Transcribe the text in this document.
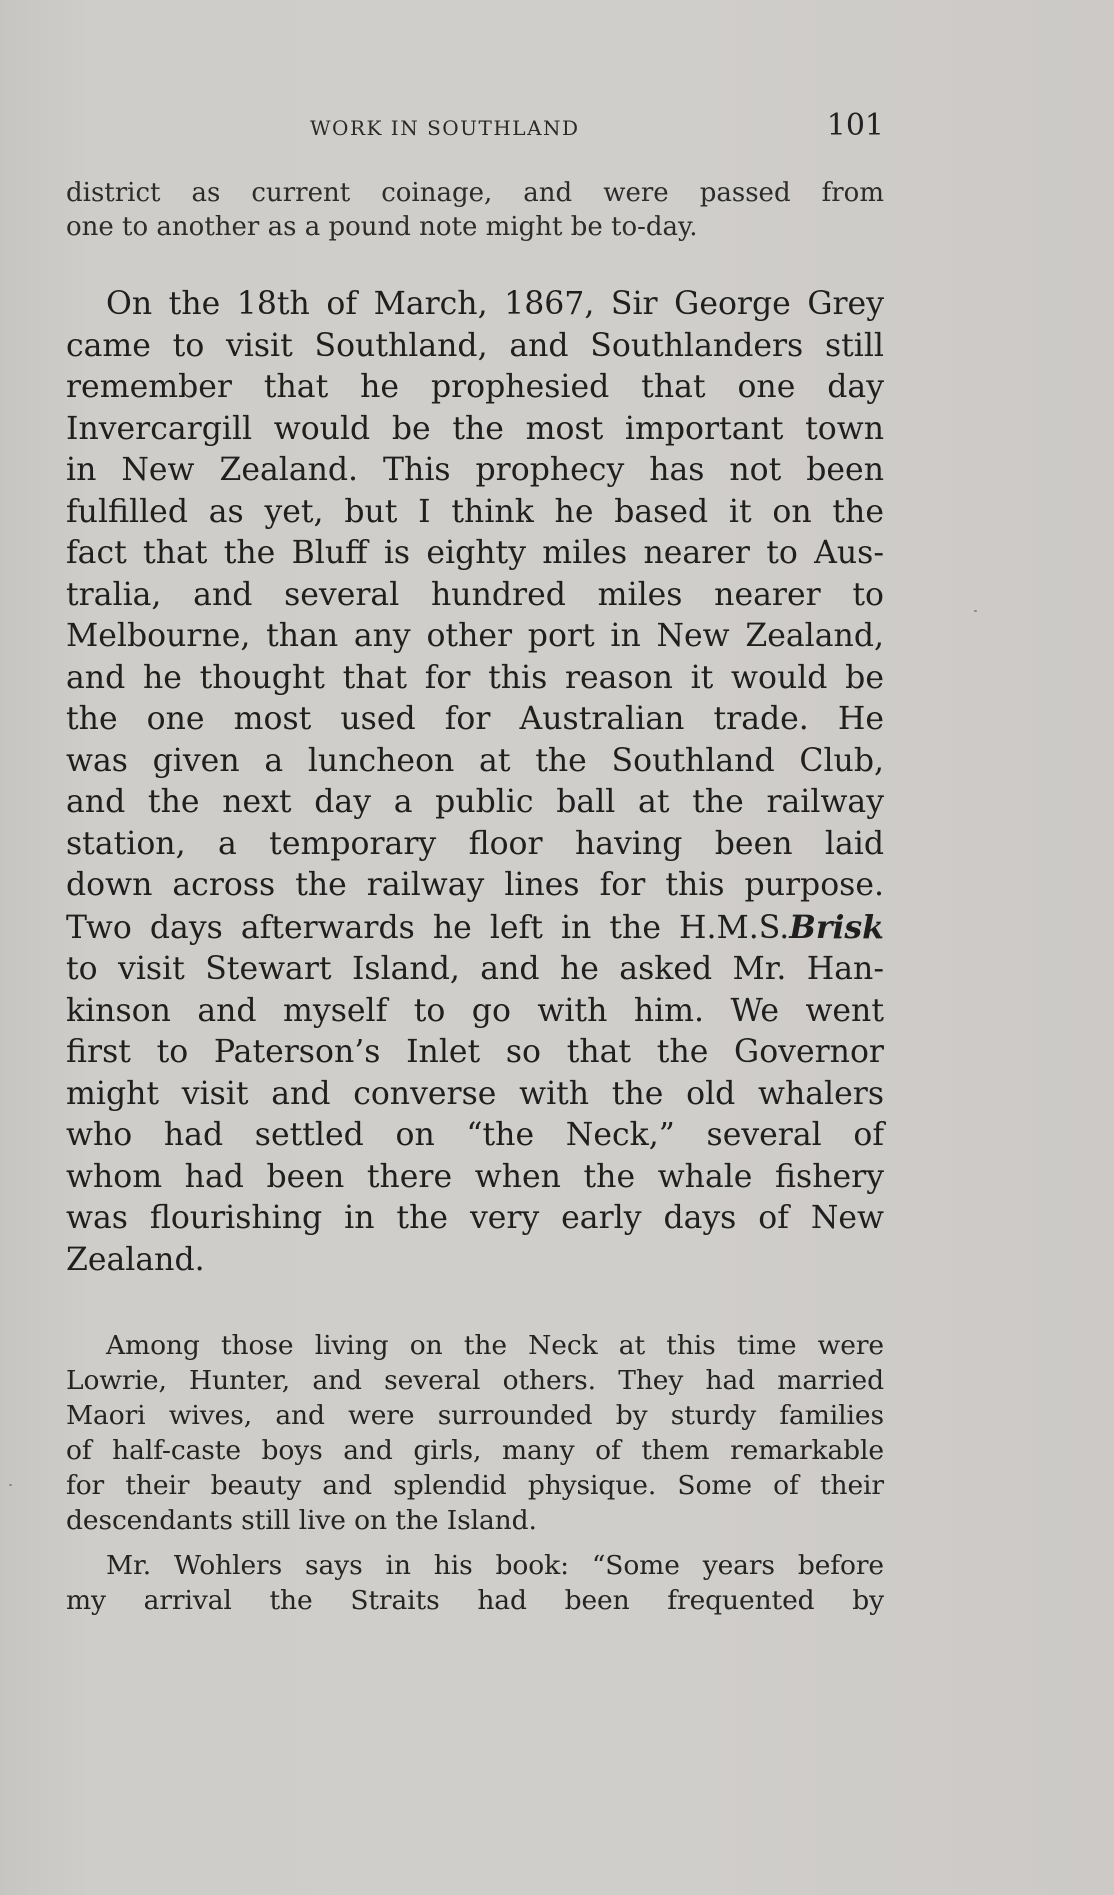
WORK IN SOUTHLAND	101
district as current coinage, and were passed from
one to another as a pound note might be to-day.
On the 18th of March, 1867, Sir George Grey
came to visit Southland, and Southlanders still
remember that he prophesied that one day
Invercargill would be the most important town
in New Zealand. This prophecy has not been
fulfilled as yet, but I think he based it on the
fact that the Bluff is eighty miles nearer to Aus-
tralia, and several hundred miles nearer to
Melbourne, than any other port in New Zealand,
and he thought that for this reason it would be
the one most used for Australian trade. He
was given a luncheon at the Southland Club,
and the next day a public ball at the railway
station, a temporary floor having been laid
down across the railway lines for this purpose.
Two days afterwards he left in the H.M.S.Brisk
to visit Stewart Island, and he asked Mr. Han-
kinson and myself to go with him. We went
first to Paterson’s Inlet so that the Governor
might visit and converse with the old whalers
who had settled on “the Neck,” several of
whom had been there when the whale fishery
was flourishing in the very early days of New
Zealand.
Among those living on the Neck at this time were
Lowrie, Hunter, and several others. They had married
Maori wives, and were surrounded by sturdy families
of half-caste boys and girls, many of them remarkable
for their beauty and splendid physique. Some of their
descendants still live on the Island.
Mr. Wohlers says in his book: “Some years before
my arrival the Straits had been frequented by
